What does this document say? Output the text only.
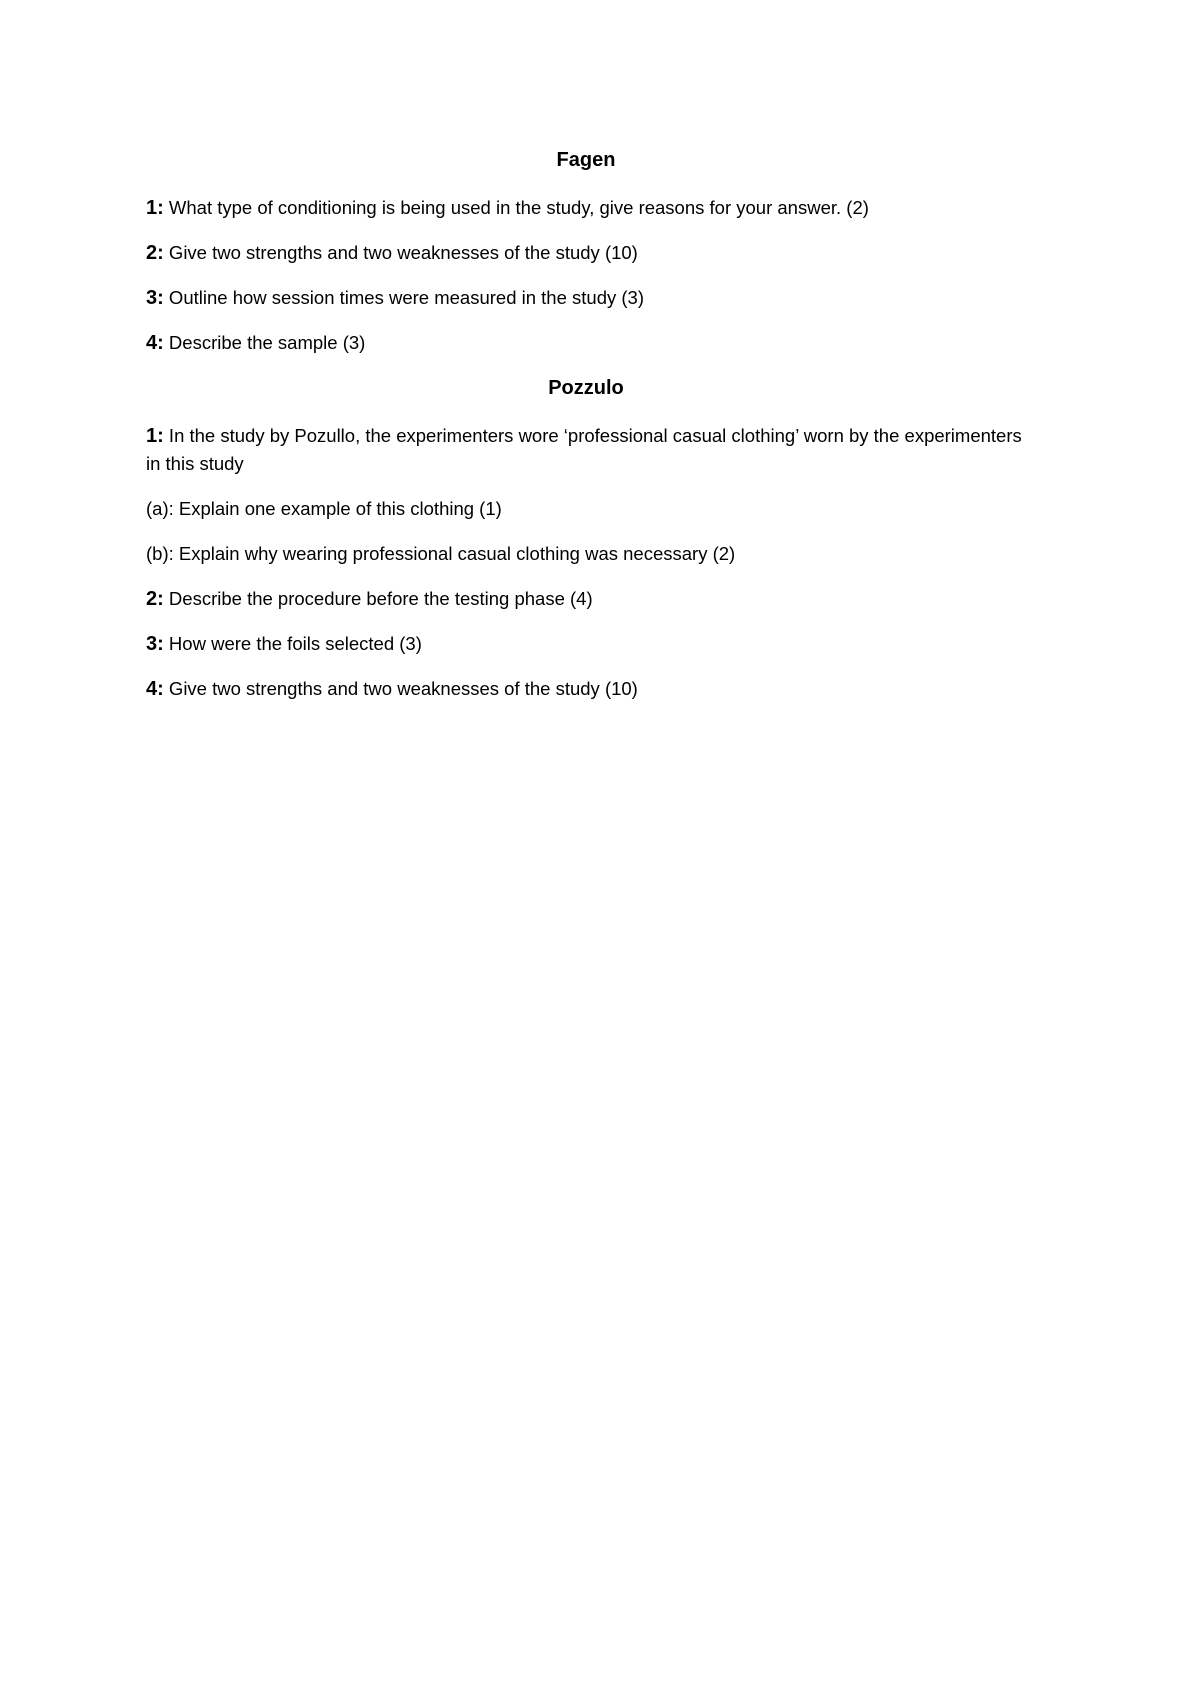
Fagen

1: What type of conditioning is being used in the study, give reasons for your answer. (2)

2: Give two strengths and two weaknesses of the study (10)

3: Outline how session times were measured in the study (3)

4: Describe the sample (3)

Pozzulo

1: In the study by Pozullo, the experimenters wore ‘professional casual clothing’ worn by the experimenters in this study

(a): Explain one example of this clothing (1)

(b): Explain why wearing professional casual clothing was necessary (2)

2: Describe the procedure before the testing phase (4)

3: How were the foils selected (3)

4: Give two strengths and two weaknesses of the study (10)
